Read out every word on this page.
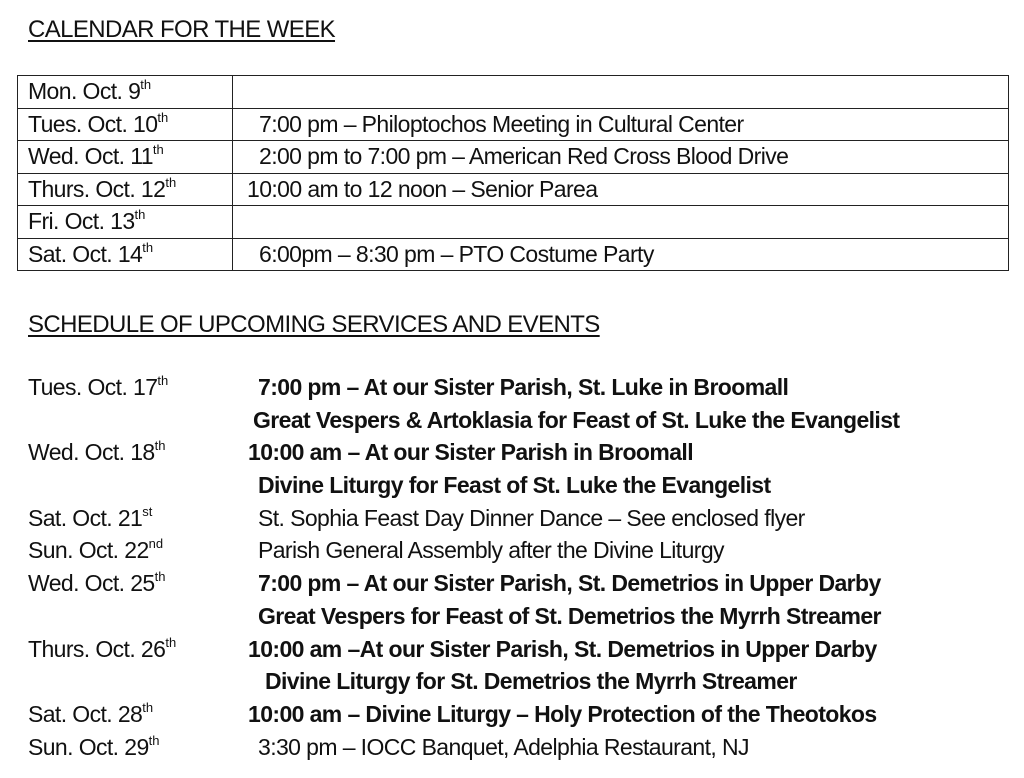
CALENDAR FOR THE WEEK
Mon. Oct. 9th	
Tues. Oct. 10th	7:00 pm – Philoptochos Meeting in Cultural Center
Wed. Oct. 11th	2:00 pm to 7:00 pm – American Red Cross Blood Drive
Thurs. Oct. 12th	10:00 am to 12 noon – Senior Parea
Fri. Oct. 13th	
Sat. Oct. 14th	6:00pm – 8:30 pm – PTO Costume Party
SCHEDULE OF UPCOMING SERVICES AND EVENTS
Tues. Oct. 17th	7:00 pm – At our Sister Parish, St. Luke in Broomall
Great Vespers & Artoklasia for Feast of St. Luke the Evangelist
Wed. Oct. 18th	10:00 am – At our Sister Parish in Broomall
Divine Liturgy for Feast of St. Luke the Evangelist
Sat. Oct. 21st	St. Sophia Feast Day Dinner Dance – See enclosed flyer
Sun. Oct. 22nd	Parish General Assembly after the Divine Liturgy
Wed. Oct. 25th	7:00 pm – At our Sister Parish, St. Demetrios in Upper Darby
Great Vespers for Feast of St. Demetrios the Myrrh Streamer
Thurs. Oct. 26th	10:00 am –At our Sister Parish, St. Demetrios in Upper Darby
Divine Liturgy for St. Demetrios the Myrrh Streamer
Sat. Oct. 28th	10:00 am – Divine Liturgy – Holy Protection of the Theotokos
Sun. Oct. 29th	3:30 pm – IOCC Banquet, Adelphia Restaurant, NJ
